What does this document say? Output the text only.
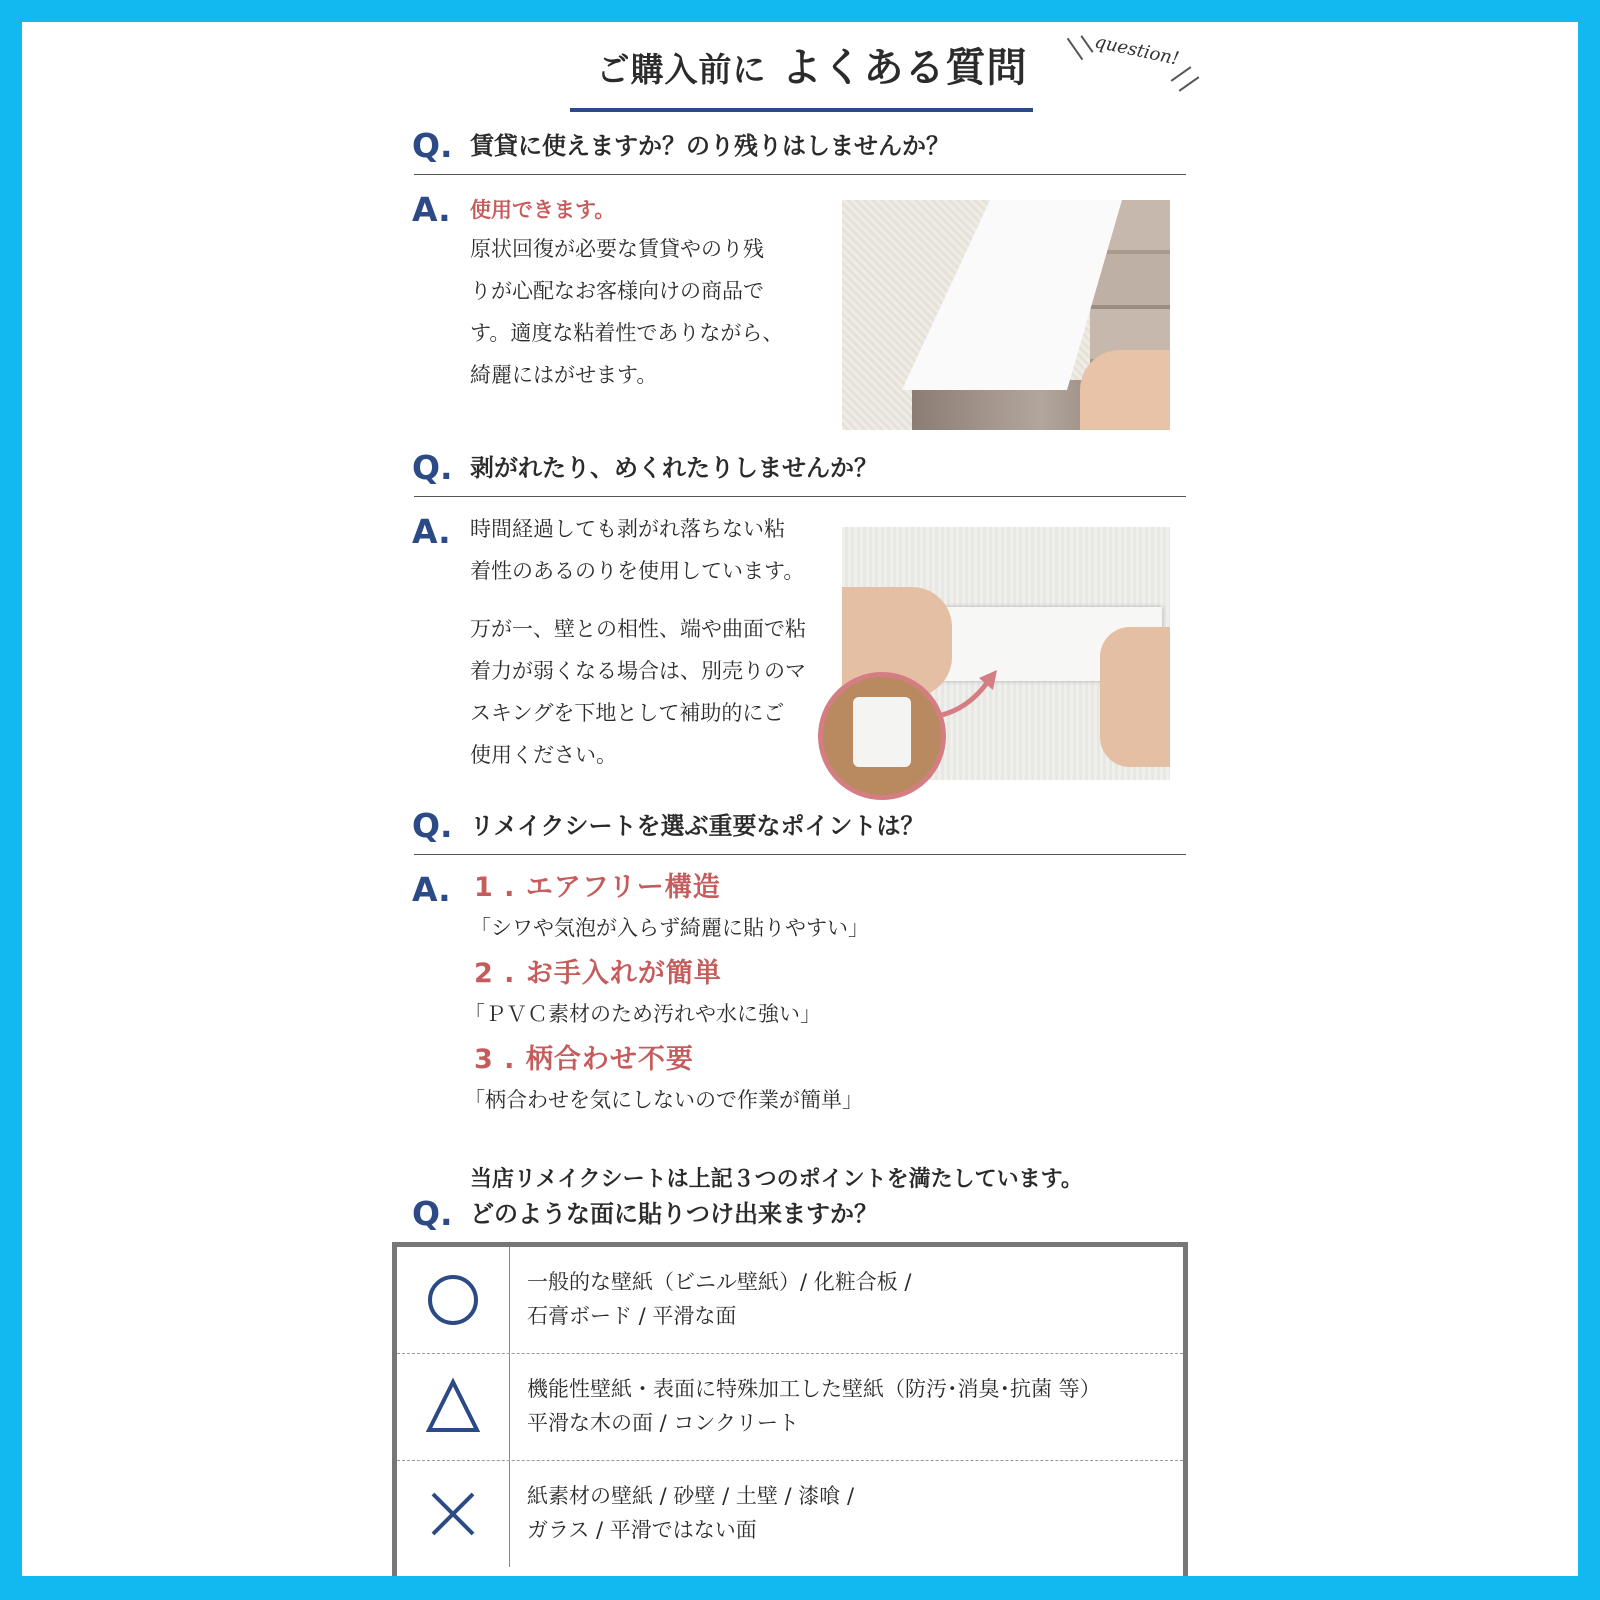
ご購入前に よくある質問	question!
Q. 賃貸に使えますか？のり残りはしませんか？
A. 使用できます。
原状回復が必要な賃貸やのり残
りが心配なお客様向けの商品で
す。適度な粘着性でありながら、
綺麗にはがせます。
Q. 剥がれたり、めくれたりしませんか？
A. 時間経過しても剥がれ落ちない粘
着性のあるのりを使用しています。
万が一、壁との相性、端や曲面で粘
着力が弱くなる場合は、別売りのマ
スキングを下地として補助的にご
使用ください。
Q. リメイクシートを選ぶ重要なポイントは？
A. 1 . エアフリー構造
「シワや気泡が入らず綺麗に貼りやすい」
2 . お手入れが簡単
「ＰＶＣ素材のため汚れや水に強い」
3 . 柄合わせ不要
「柄合わせを気にしないので作業が簡単」
当店リメイクシートは上記３つのポイントを満たしています。
Q. どのような面に貼りつけ出来ますか？
一般的な壁紙（ビニル壁紙）/ 化粧合板 /
石膏ボード / 平滑な面
機能性壁紙・表面に特殊加工した壁紙（防汚･消臭･抗菌 等）
平滑な木の面 / コンクリート
紙素材の壁紙 / 砂壁 / 土壁 / 漆喰 /
ガラス / 平滑ではない面
